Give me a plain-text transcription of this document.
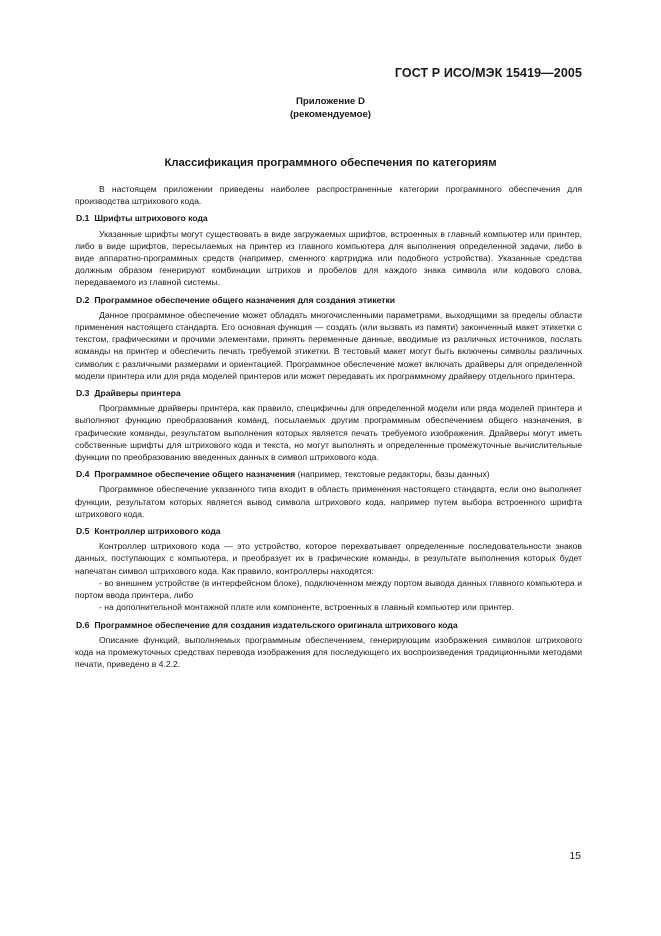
ГОСТ Р ИСО/МЭК 15419—2005
Приложение D
(рекомендуемое)
Классификация программного обеспечения по категориям

В настоящем приложении приведены наиболее распространенные категории программного обеспечения для производства штрихового кода.

D.1 Шрифты штрихового кода

Указанные шрифты могут существовать в виде загружаемых шрифтов, встроенных в главный компьютер или принтер, либо в виде шрифтов, пересылаемых на принтер из главного компьютера для выполнения определенной задачи, либо в виде аппаратно-программных средств (например, сменного картриджа или подобного устройства). Указанные средства должным образом генерируют комбинации штрихов и пробелов для каждого знака символа или кодового слова, передаваемого из главной системы.

D.2 Программное обеспечение общего назначения для создания этикетки

Данное программное обеспечение может обладать многочисленными параметрами, выходящими за пределы области применения настоящего стандарта. Его основная функция — создать (или вызвать из памяти) законченный макет этикетки с текстом, графическими и прочими элементами, принять переменные данные, вводимые из различных источников, послать команды на принтер и обеспечить печать требуемой этикетки. В тестовый макет могут быть включены символы различных символик с различными размерами и ориентацией. Программное обеспечение может включать драйверы для определенной модели принтера или для ряда моделей принтеров или может передавать их программному драйверу отдельного принтера.

D.3 Драйверы принтера

Программные драйверы принтера, как правило, специфичны для определенной модели или ряда моделей принтера и выполняют функцию преобразования команд, посылаемых другим программным обеспечением общего назначения, в графические команды, результатом выполнения которых является печать требуемого изображения. Драйверы могут иметь собственные шрифты для штрихового кода и текста, но могут выполнять и определенные промежуточные вычислительные функции по преобразованию введенных данных в символ штрихового кода.

D.4 Программное обеспечение общего назначения (например, текстовые редакторы, базы данных)

Программное обеспечение указанного типа входит в область применения настоящего стандарта, если оно выполняет функции, результатом которых является вывод символа штрихового кода, например путем выбора встроенного шрифта штрихового кода.

D.5 Контроллер штрихового кода

Контроллер штрихового кода — это устройство, которое перехватывает определенные последовательности знаков данных, поступающих с компьютера, и преобразует их в графические команды, в результате выполнения которых будет напечатан символ штрихового кода. Как правило, контроллеры находятся:

- во внешнем устройстве (в интерфейсном блоке), подключенном между портом вывода данных главного компьютера и портом ввода принтера, либо

- на дополнительной монтажной плате или компоненте, встроенных в главный компьютер или принтер.

D.6 Программное обеспечение для создания издательского оригинала штрихового кода

Описание функций, выполняемых программным обеспечением, генерирующим изображения символов штрихового кода на промежуточных средствах перевода изображения для последующего их воспроизведения традиционными методами печати, приведено в 4.2.2.

15
